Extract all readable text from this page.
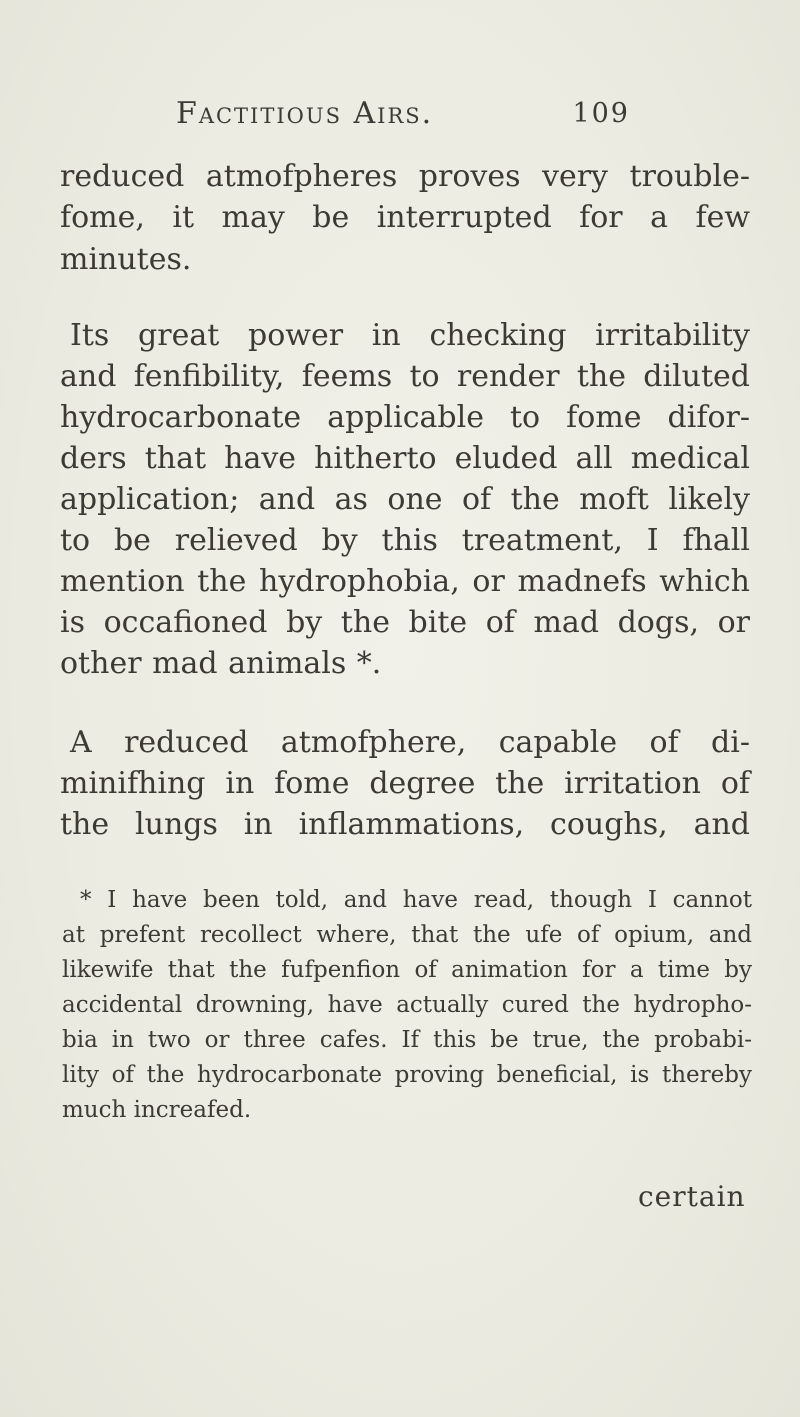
Factitious Airs.	109
reduced atmofpheres proves very trouble-
fome, it may be interrupted for a few
minutes.
Its great power in checking irritability
and fenfibility, feems to render the diluted
hydrocarbonate applicable to fome difor-
ders that have hitherto eluded all medical
application; and as one of the moft likely
to be relieved by this treatment, I fhall
mention the hydrophobia, or madnefs which
is occafioned by the bite of mad dogs, or
other mad animals *.
A reduced atmofphere, capable of di-
minifhing in fome degree the irritation of
the lungs in inflammations, coughs, and
* I have been told, and have read, though I cannot
at prefent recollect where, that the ufe of opium, and
likewife that the fufpenfion of animation for a time by
accidental drowning, have actually cured the hydropho-
bia in two or three cafes. If this be true, the probabi-
lity of the hydrocarbonate proving beneficial, is thereby
much increafed.
certain
